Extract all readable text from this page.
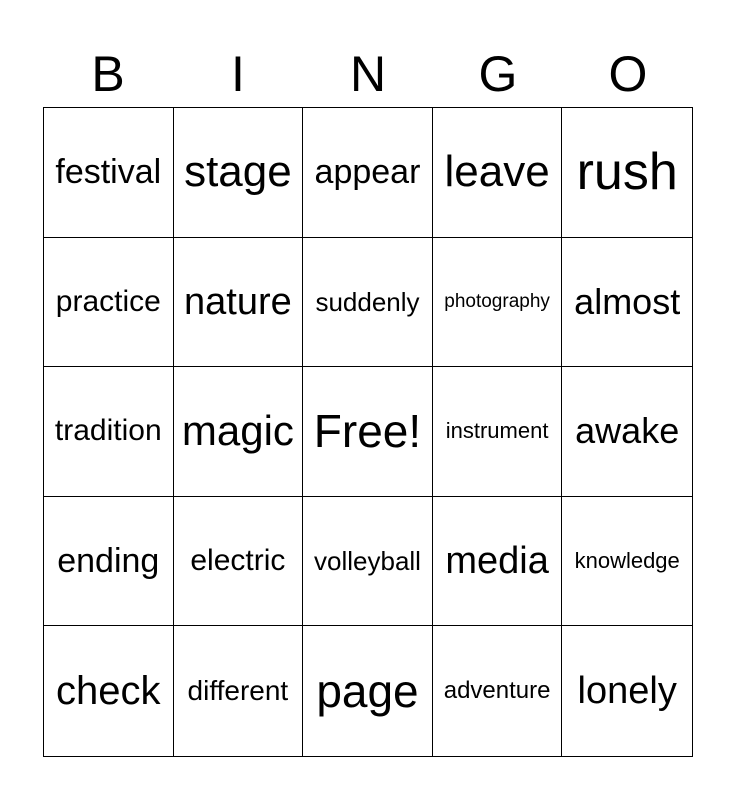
B	I	N	G	O
festival stage appear leave rush
practice nature suddenly photography almost
tradition magic Free! instrument awake
ending electric volleyball media knowledge
check different page adventure lonely
